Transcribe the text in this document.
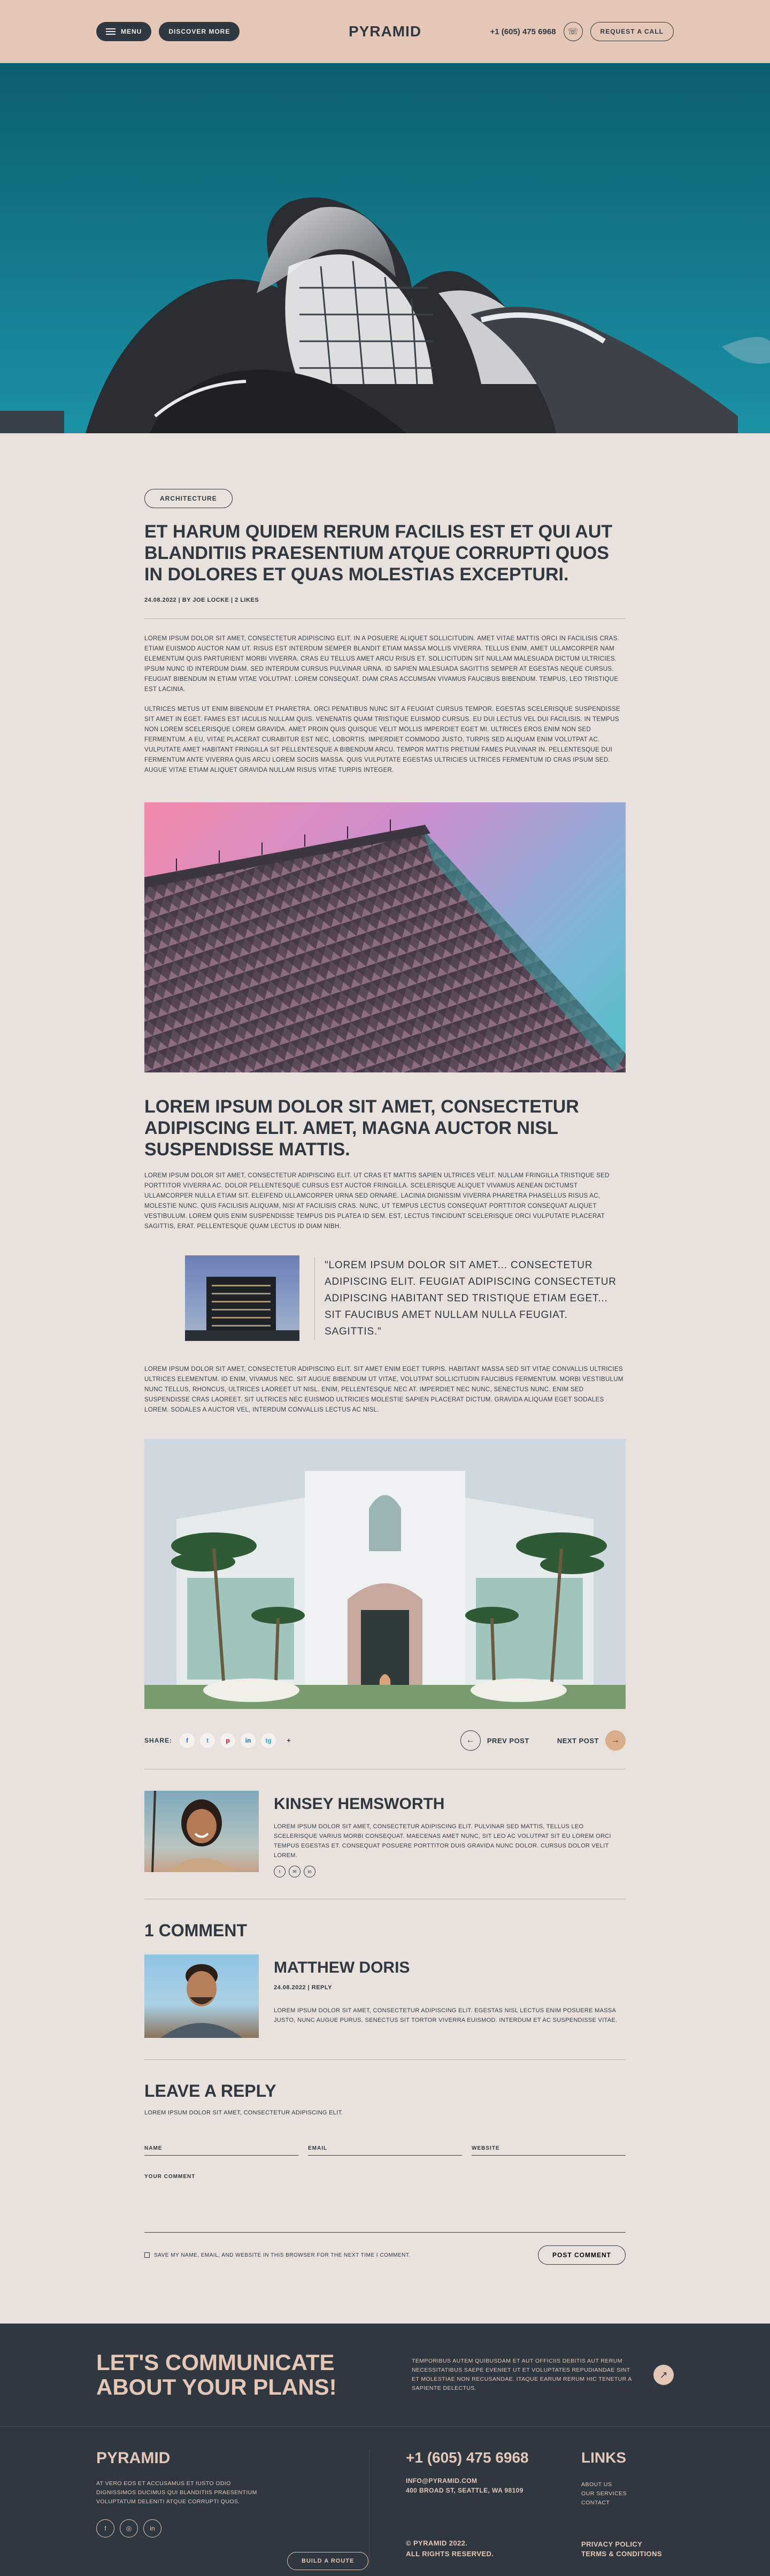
MENU	DISCOVER MORE	PYRAMID	+1 (605) 475 6968	☏	REQUEST A CALL
ARCHITECTURE
ET HARUM QUIDEM RERUM FACILIS EST ET QUI AUT BLANDITIIS PRAESENTIUM ATQUE CORRUPTI QUOS IN DOLORES ET QUAS MOLESTIAS EXCEPTURI.
24.08.2022 | BY JOE LOCKE | 2 LIKES

LOREM IPSUM DOLOR SIT AMET, CONSECTETUR ADIPISCING ELIT. IN A POSUERE ALIQUET SOLLICITUDIN. AMET VITAE MATTIS ORCI IN FACILISIS CRAS. ETIAM EUISMOD AUCTOR NAM UT. RISUS EST INTERDUM SEMPER BLANDIT ETIAM MASSA MOLLIS VIVERRA. TELLUS ENIM, AMET ULLAMCORPER NAM ELEMENTUM QUIS PARTURIENT MORBI VIVERRA. CRAS EU TELLUS AMET ARCU RISUS ET. SOLLICITUDIN SIT NULLAM MALESUADA DICTUM ULTRICIES. IPSUM NUNC ID INTERDUM DIAM. SED INTERDUM CURSUS PULVINAR URNA. ID SAPIEN MALESUADA SAGITTIS SEMPER AT EGESTAS NEQUE CURSUS. FEUGIAT BIBENDUM IN ETIAM VITAE VOLUTPAT. LOREM CONSEQUAT. DIAM CRAS ACCUMSAN VIVAMUS FAUCIBUS BIBENDUM. TEMPUS, LEO TRISTIQUE EST LACINIA.

ULTRICES METUS UT ENIM BIBENDUM ET PHARETRA. ORCI PENATIBUS NUNC SIT A FEUGIAT CURSUS TEMPOR. EGESTAS SCELERISQUE SUSPENDISSE SIT AMET IN EGET. FAMES EST IACULIS NULLAM QUIS. VENENATIS QUAM TRISTIQUE EUISMOD CURSUS. EU DUI LECTUS VEL DUI FACILISIS. IN TEMPUS NON LOREM SCELERISQUE LOREM GRAVIDA. AMET PROIN QUIS QUISQUE VELIT MOLLIS IMPERDIET EGET MI. ULTRICES EROS ENIM NON SED FERMENTUM. A EU, VITAE PLACERAT CURABITUR EST NEC, LOBORTIS. IMPERDIET COMMODO JUSTO, TURPIS SED ALIQUAM ENIM VOLUTPAT AC. VULPUTATE AMET HABITANT FRINGILLA SIT PELLENTESQUE A BIBENDUM ARCU. TEMPOR MATTIS PRETIUM FAMES PULVINAR IN. PELLENTESQUE DUI FERMENTUM ANTE VIVERRA QUIS ARCU LOREM SOCIIS MASSA. QUIS VULPUTATE EGESTAS ULTRICIES ULTRICES FERMENTUM ID CRAS IPSUM SED. AUGUE VITAE ETIAM ALIQUET GRAVIDA NULLAM RISUS VITAE TURPIS INTEGER.

LOREM IPSUM DOLOR SIT AMET, CONSECTETUR ADIPISCING ELIT. AMET, MAGNA AUCTOR NISL SUSPENDISSE MATTIS.

LOREM IPSUM DOLOR SIT AMET, CONSECTETUR ADIPISCING ELIT. UT CRAS ET MATTIS SAPIEN ULTRICES VELIT. NULLAM FRINGILLA TRISTIQUE SED PORTTITOR VIVERRA AC. DOLOR PELLENTESQUE CURSUS EST AUCTOR FRINGILLA. SCELERISQUE ALIQUET VIVAMUS AENEAN DICTUMST ULLAMCORPER NULLA ETIAM SIT. ELEIFEND ULLAMCORPER URNA SED ORNARE. LACINIA DIGNISSIM VIVERRA PHARETRA PHASELLUS RISUS AC, MOLESTIE NUNC. QUIS FACILISIS ALIQUAM, NISI AT FACILISIS CRAS. NUNC, UT TEMPUS LECTUS CONSEQUAT PORTTITOR CONSEQUAT ALIQUET VESTIBULUM. LOREM QUIS ENIM SUSPENDISSE TEMPUS DIS PLATEA ID SEM. EST, LECTUS TINCIDUNT SCELERISQUE ORCI VULPUTATE PLACERAT SAGITTIS, ERAT. PELLENTESQUE QUAM LECTUS ID DIAM NIBH.

"LOREM IPSUM DOLOR SIT AMET... CONSECTETUR ADIPISCING ELIT. FEUGIAT ADIPISCING CONSECTETUR ADIPISCING HABITANT SED TRISTIQUE ETIAM EGET... SIT FAUCIBUS AMET NULLAM NULLA FEUGIAT. SAGITTIS."

LOREM IPSUM DOLOR SIT AMET, CONSECTETUR ADIPISCING ELIT. SIT AMET ENIM EGET TURPIS. HABITANT MASSA SED SIT VITAE CONVALLIS ULTRICIES ULTRICES ELEMENTUM. ID ENIM, VIVAMUS NEC. SIT AUGUE BIBENDUM UT VITAE, VOLUTPAT SOLLICITUDIN FAUCIBUS FERMENTUM. MORBI VESTIBULUM NUNC TELLUS, RHONCUS, ULTRICES LAOREET UT NISL. ENIM, PELLENTESQUE NEC AT. IMPERDIET NEC NUNC, SENECTUS NUNC. ENIM SED SUSPENDISSE CRAS LAOREET. SIT ULTRICES NEC EUISMOD ULTRICIES MOLESTIE SAPIEN PLACERAT DICTUM. GRAVIDA ALIQUAM EGET SODALES LOREM. SODALES A AUCTOR VEL, INTERDUM CONVALLIS LECTUS AC NISL.

SHARE:	f	t	p	in	tg	+	←	PREV POST	NEXT POST	→
KINSEY HEMSWORTH

LOREM IPSUM DOLOR SIT AMET, CONSECTETUR ADIPISCING ELIT. PULVINAR SED MATTIS, TELLUS LEO SCELERISQUE VARIUS MORBI CONSEQUAT. MAECENAS AMET NUNC, SIT LEO AC VOLUTPAT SIT EU LOREM ORCI TEMPUS EGESTAS ET. CONSEQUAT POSUERE PORTTITOR DUIS GRAVIDA NUNC DOLOR. CURSUS DOLOR VELIT LOREM.

t	✉	in
1 COMMENT
MATTHEW DORIS
24.08.2022 | REPLY

LOREM IPSUM DOLOR SIT AMET, CONSECTETUR ADIPISCING ELIT. EGESTAS NISL LECTUS ENIM POSUERE MASSA JUSTO, NUNC AUGUE PURUS. SENECTUS SIT TORTOR VIVERRA EUISMOD. INTERDUM ET AC SUSPENDISSE VITAE.

LEAVE A REPLY

LOREM IPSUM DOLOR SIT AMET, CONSECTETUR ADIPISCING ELIT.

NAME
EMAIL
WEBSITE
YOUR COMMENT
SAVE MY NAME, EMAIL, AND WEBSITE IN THIS BROWSER FOR THE NEXT TIME I COMMENT.	POST COMMENT
LET'S COMMUNICATE ABOUT YOUR PLANS!

TEMPORIBUS AUTEM QUIBUSDAM ET AUT OFFICIIS DEBITIS AUT RERUM NECESSITATIBUS SAEPE EVENIET UT ET VOLUPTATES REPUDIANDAE SINT ET MOLESTIAE NON RECUSANDAE. ITAQUE EARUM RERUM HIC TENETUR A SAPIENTE DELECTUS.

↗
PYRAMID

AT VERO EOS ET ACCUSAMUS ET IUSTO ODIO DIGNISSIMOS DUCIMUS QUI BLANDITIIS PRAESENTIUM VOLUPTATUM DELENITI ATQUE CORRUPTI QUOS.

f	◎	in
BUILD A ROUTE
+1 (605) 475 6968
INFO@PYRAMID.COM
400 BROAD ST, SEATTLE, WA 98109
© PYRAMID 2022.
ALL RIGHTS RESERVED.
LINKS
ABOUT US
OUR SERVICES
CONTACT
PRIVACY POLICY
TERMS & CONDITIONS
